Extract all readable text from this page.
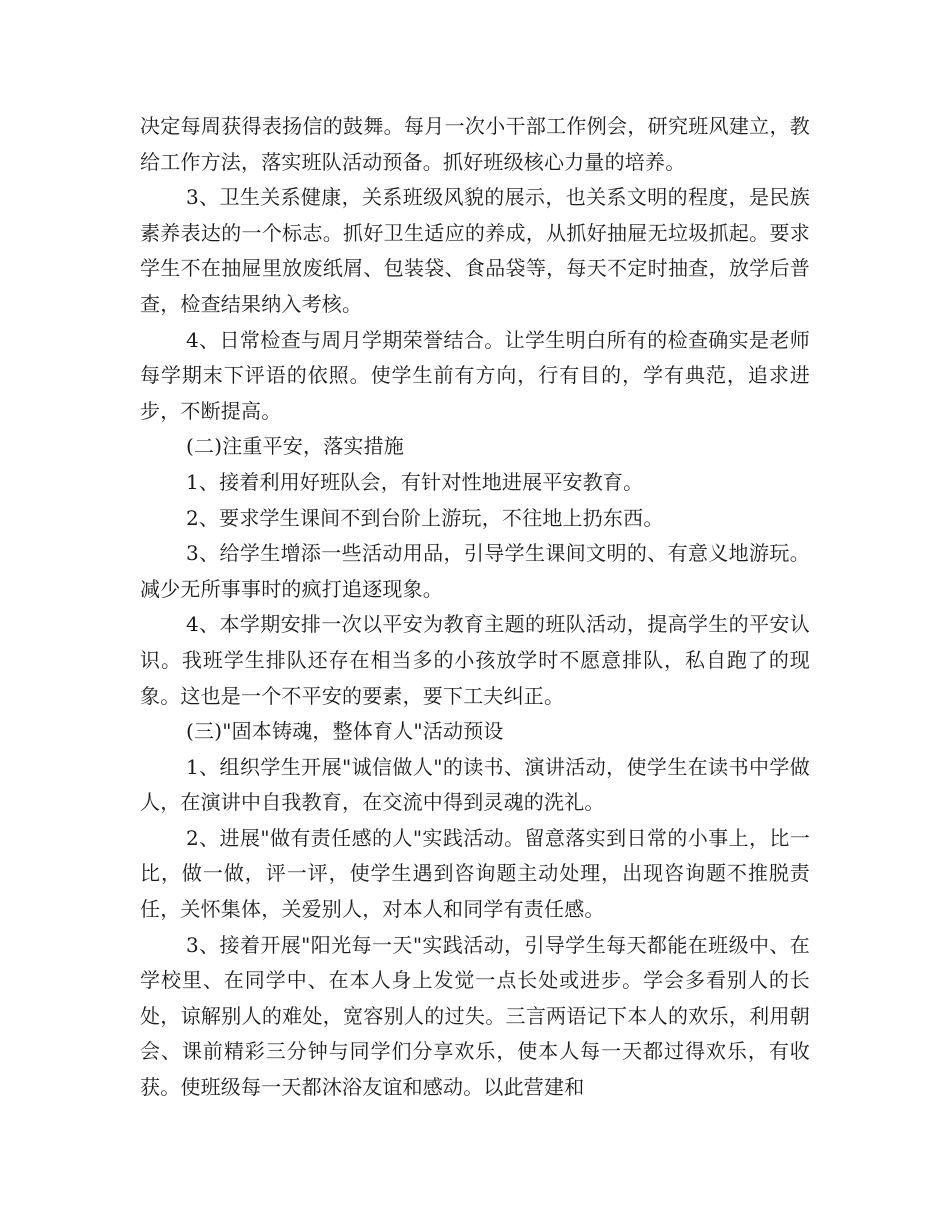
决定每周获得表扬信的鼓舞。每月一次小干部工作例会，研究班风建立，教给工作方法，落实班队活动预备。抓好班级核心力量的培养。

3、卫生关系健康，关系班级风貌的展示，也关系文明的程度，是民族素养表达的一个标志。抓好卫生适应的养成，从抓好抽屉无垃圾抓起。要求学生不在抽屉里放废纸屑、包装袋、食品袋等，每天不定时抽查，放学后普查，检查结果纳入考核。

4、日常检查与周月学期荣誉结合。让学生明白所有的检查确实是老师每学期末下评语的依照。使学生前有方向，行有目的，学有典范，追求进步，不断提高。

(二)注重平安，落实措施

1、接着利用好班队会，有针对性地进展平安教育。

2、要求学生课间不到台阶上游玩，不往地上扔东西。

3、给学生增添一些活动用品，引导学生课间文明的、有意义地游玩。减少无所事事时的疯打追逐现象。

4、本学期安排一次以平安为教育主题的班队活动，提高学生的平安认识。我班学生排队还存在相当多的小孩放学时不愿意排队，私自跑了的现象。这也是一个不平安的要素，要下工夫纠正。

(三)"固本铸魂，整体育人"活动预设

1、组织学生开展"诚信做人"的读书、演讲活动，使学生在读书中学做人，在演讲中自我教育，在交流中得到灵魂的洗礼。

2、进展"做有责任感的人"实践活动。留意落实到日常的小事上，比一比，做一做，评一评，使学生遇到咨询题主动处理，出现咨询题不推脱责任，关怀集体，关爱别人，对本人和同学有责任感。

3、接着开展"阳光每一天"实践活动，引导学生每天都能在班级中、在学校里、在同学中、在本人身上发觉一点长处或进步。学会多看别人的长处，谅解别人的难处，宽容别人的过失。三言两语记下本人的欢乐，利用朝会、课前精彩三分钟与同学们分享欢乐，使本人每一天都过得欢乐，有收获。使班级每一天都沐浴友谊和感动。以此营建和
